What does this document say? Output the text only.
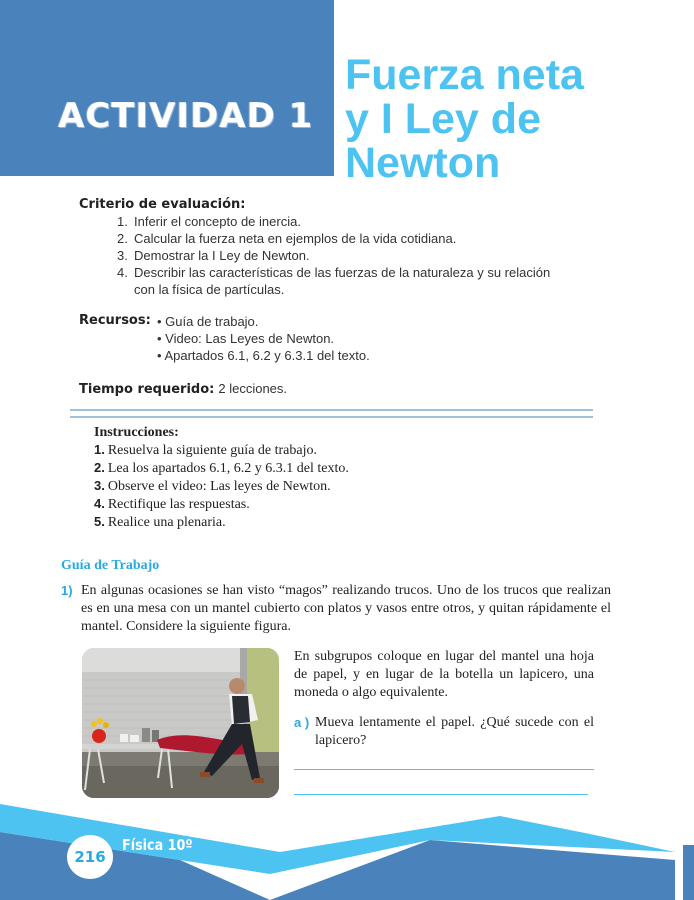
ACTIVIDAD 1
Fuerza neta
y I Ley de
Newton
Criterio de evaluación:
1. Inferir el concepto de inercia.
2. Calcular la fuerza neta en ejemplos de la vida cotidiana.
3. Demostrar la I Ley de Newton.
4. Describir las características de las fuerzas de la naturaleza y su relación con la física de partículas.
Recursos:	• Guía de trabajo.
• Video: Las Leyes de Newton.
• Apartados 6.1, 6.2 y 6.3.1 del texto.
Tiempo requerido: 2 lecciones.
Instrucciones:
1. Resuelva la siguiente guía de trabajo.
2. Lea los apartados 6.1, 6.2 y 6.3.1 del texto.
3. Observe el video: Las leyes de Newton.
4. Rectifique las respuestas.
5. Realice una plenaria.
Guía de Trabajo
1) En algunas ocasiones se han visto “magos” realizando trucos. Uno de los trucos que realizan es en una mesa con un mantel cubierto con platos y vasos entre otros, y quitan rápidamente el mantel. Considere la siguiente figura.
En subgrupos coloque en lugar del mantel una hoja de papel, y en lugar de la botella un lapicero, una moneda o algo equivalente.
a ) Mueva lentamente el papel. ¿Qué sucede con el lapicero?
216
Física 10º
